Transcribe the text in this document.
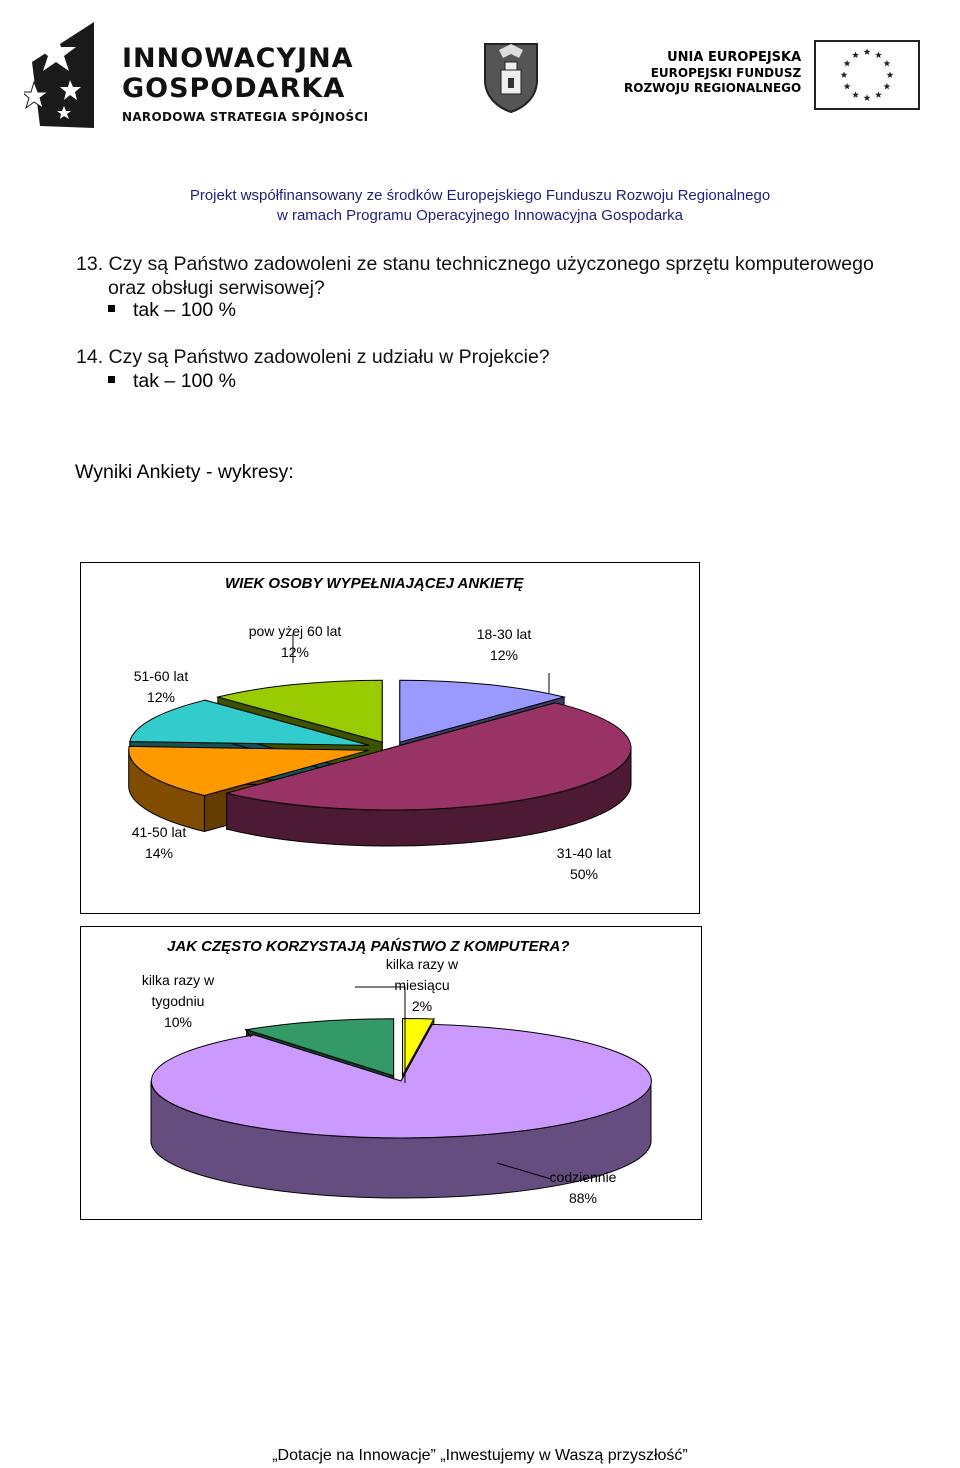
INNOWACYJNA
GOSPODARKA
NARODOWA STRATEGIA SPÓJNOŚCI
UNIA EUROPEJSKA
EUROPEJSKI FUNDUSZ
ROZWOJU REGIONALNEGO
Projekt współfinansowany ze środków Europejskiego Funduszu Rozwoju Regionalnego
w ramach Programu Operacyjnego Innowacyjna Gospodarka
13. Czy są Państwo zadowoleni ze stanu technicznego użyczonego sprzętu komputerowego
oraz obsługi serwisowej?
tak – 100 %
14. Czy są Państwo zadowoleni z udziału w Projekcie?
tak – 100 %
Wyniki Ankiety - wykresy:
WIEK OSOBY WYPEŁNIAJĄCEJ ANKIETĘ
pow yżej 60 lat
12%
18-30 lat
12%
51-60 lat
12%
41-50 lat
14%	31-40 lat
50%
JAK CZĘSTO KORZYSTAJĄ PAŃSTWO Z KOMPUTERA?
kilka razy w
miesiącu
2%
kilka razy w
tygodniu
10%
codziennie
88%
„Dotacje na Innowacje” „Inwestujemy w Waszą przyszłość”
